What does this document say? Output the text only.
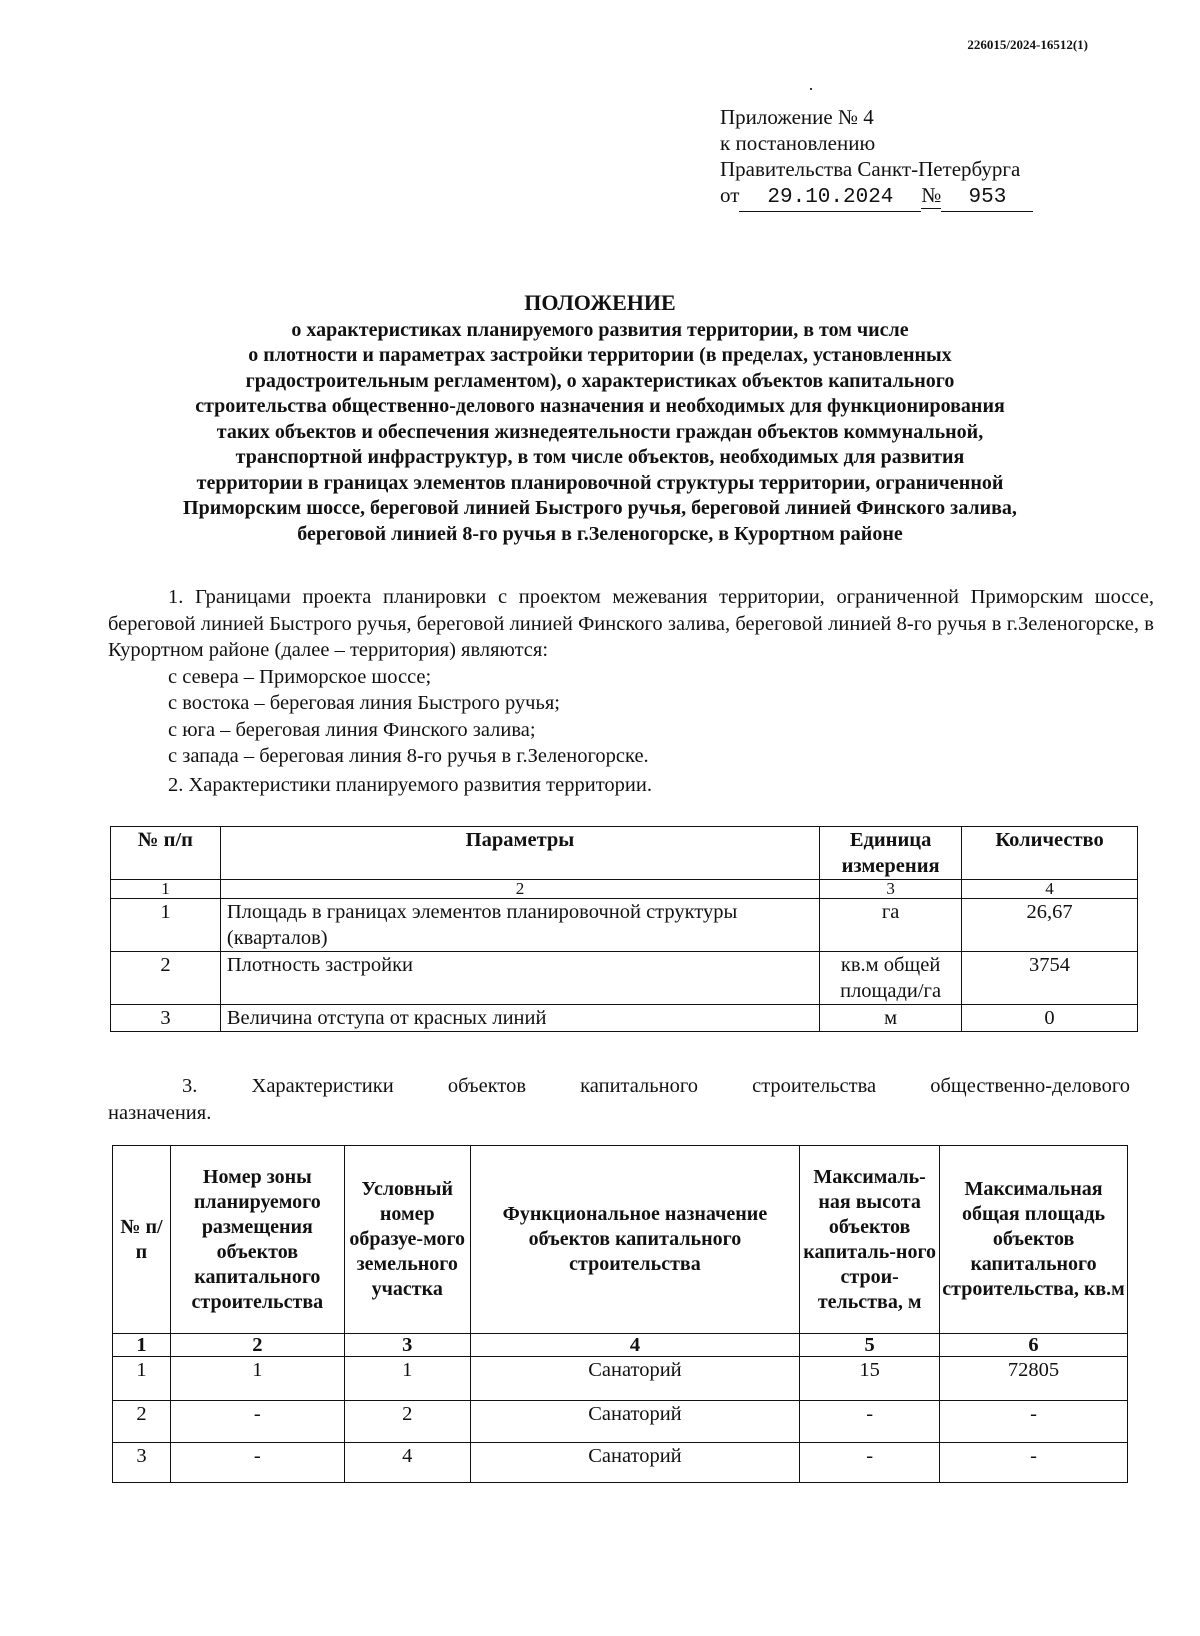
226015/2024-16512(1)
Приложение № 4
к постановлению
Правительства Санкт-Петербурга
от 29.10.2024 № 953
ПОЛОЖЕНИЕ
о характеристиках планируемого развития территории, в том числе
о плотности и параметрах застройки территории (в пределах, установленных
градостроительным регламентом), о характеристиках объектов капитального
строительства общественно-делового назначения и необходимых для функционирования
таких объектов и обеспечения жизнедеятельности граждан объектов коммунальной,
транспортной инфраструктур, в том числе объектов, необходимых для развития
территории в границах элементов планировочной структуры территории, ограниченной
Приморским шоссе, береговой линией Быстрого ручья, береговой линией Финского залива,
береговой линией 8-го ручья в г.Зеленогорске, в Курортном районе
1. Границами проекта планировки с проектом межевания территории, ограниченной Приморским шоссе, береговой линией Быстрого ручья, береговой линией Финского залива, береговой линией 8-го ручья в г.Зеленогорске, в Курортном районе (далее – территория) являются:
с севера – Приморское шоссе;
с востока – береговая линия Быстрого ручья;
с юга – береговая линия Финского залива;
с запада – береговая линия 8-го ручья в г.Зеленогорске.
2. Характеристики планируемого развития территории.
№ п/п	Параметры	Единица измерения	Количество
1	2	3	4
1	Площадь в границах элементов планировочной структуры (кварталов)	га	26,67
2	Плотность застройки	кв.м общей площади/га	3754
3	Величина отступа от красных линий	м	0
3. Характеристики объектов капитального строительства общественно-делового
назначения.
№ п/п	Номер зоны планируемого размещения объектов капитального строительства	Условный номер образуе-мого земельного участка	Функциональное назначение объектов капитального строительства	Максималь-ная высота объектов капиталь-ного строи-тельства, м	Максимальная общая площадь объектов капитального строительства, кв.м
1	2	3	4	5	6
1	1	1	Санаторий	15	72805
2	-	2	Санаторий	-	-
3	-	4	Санаторий	-	-
